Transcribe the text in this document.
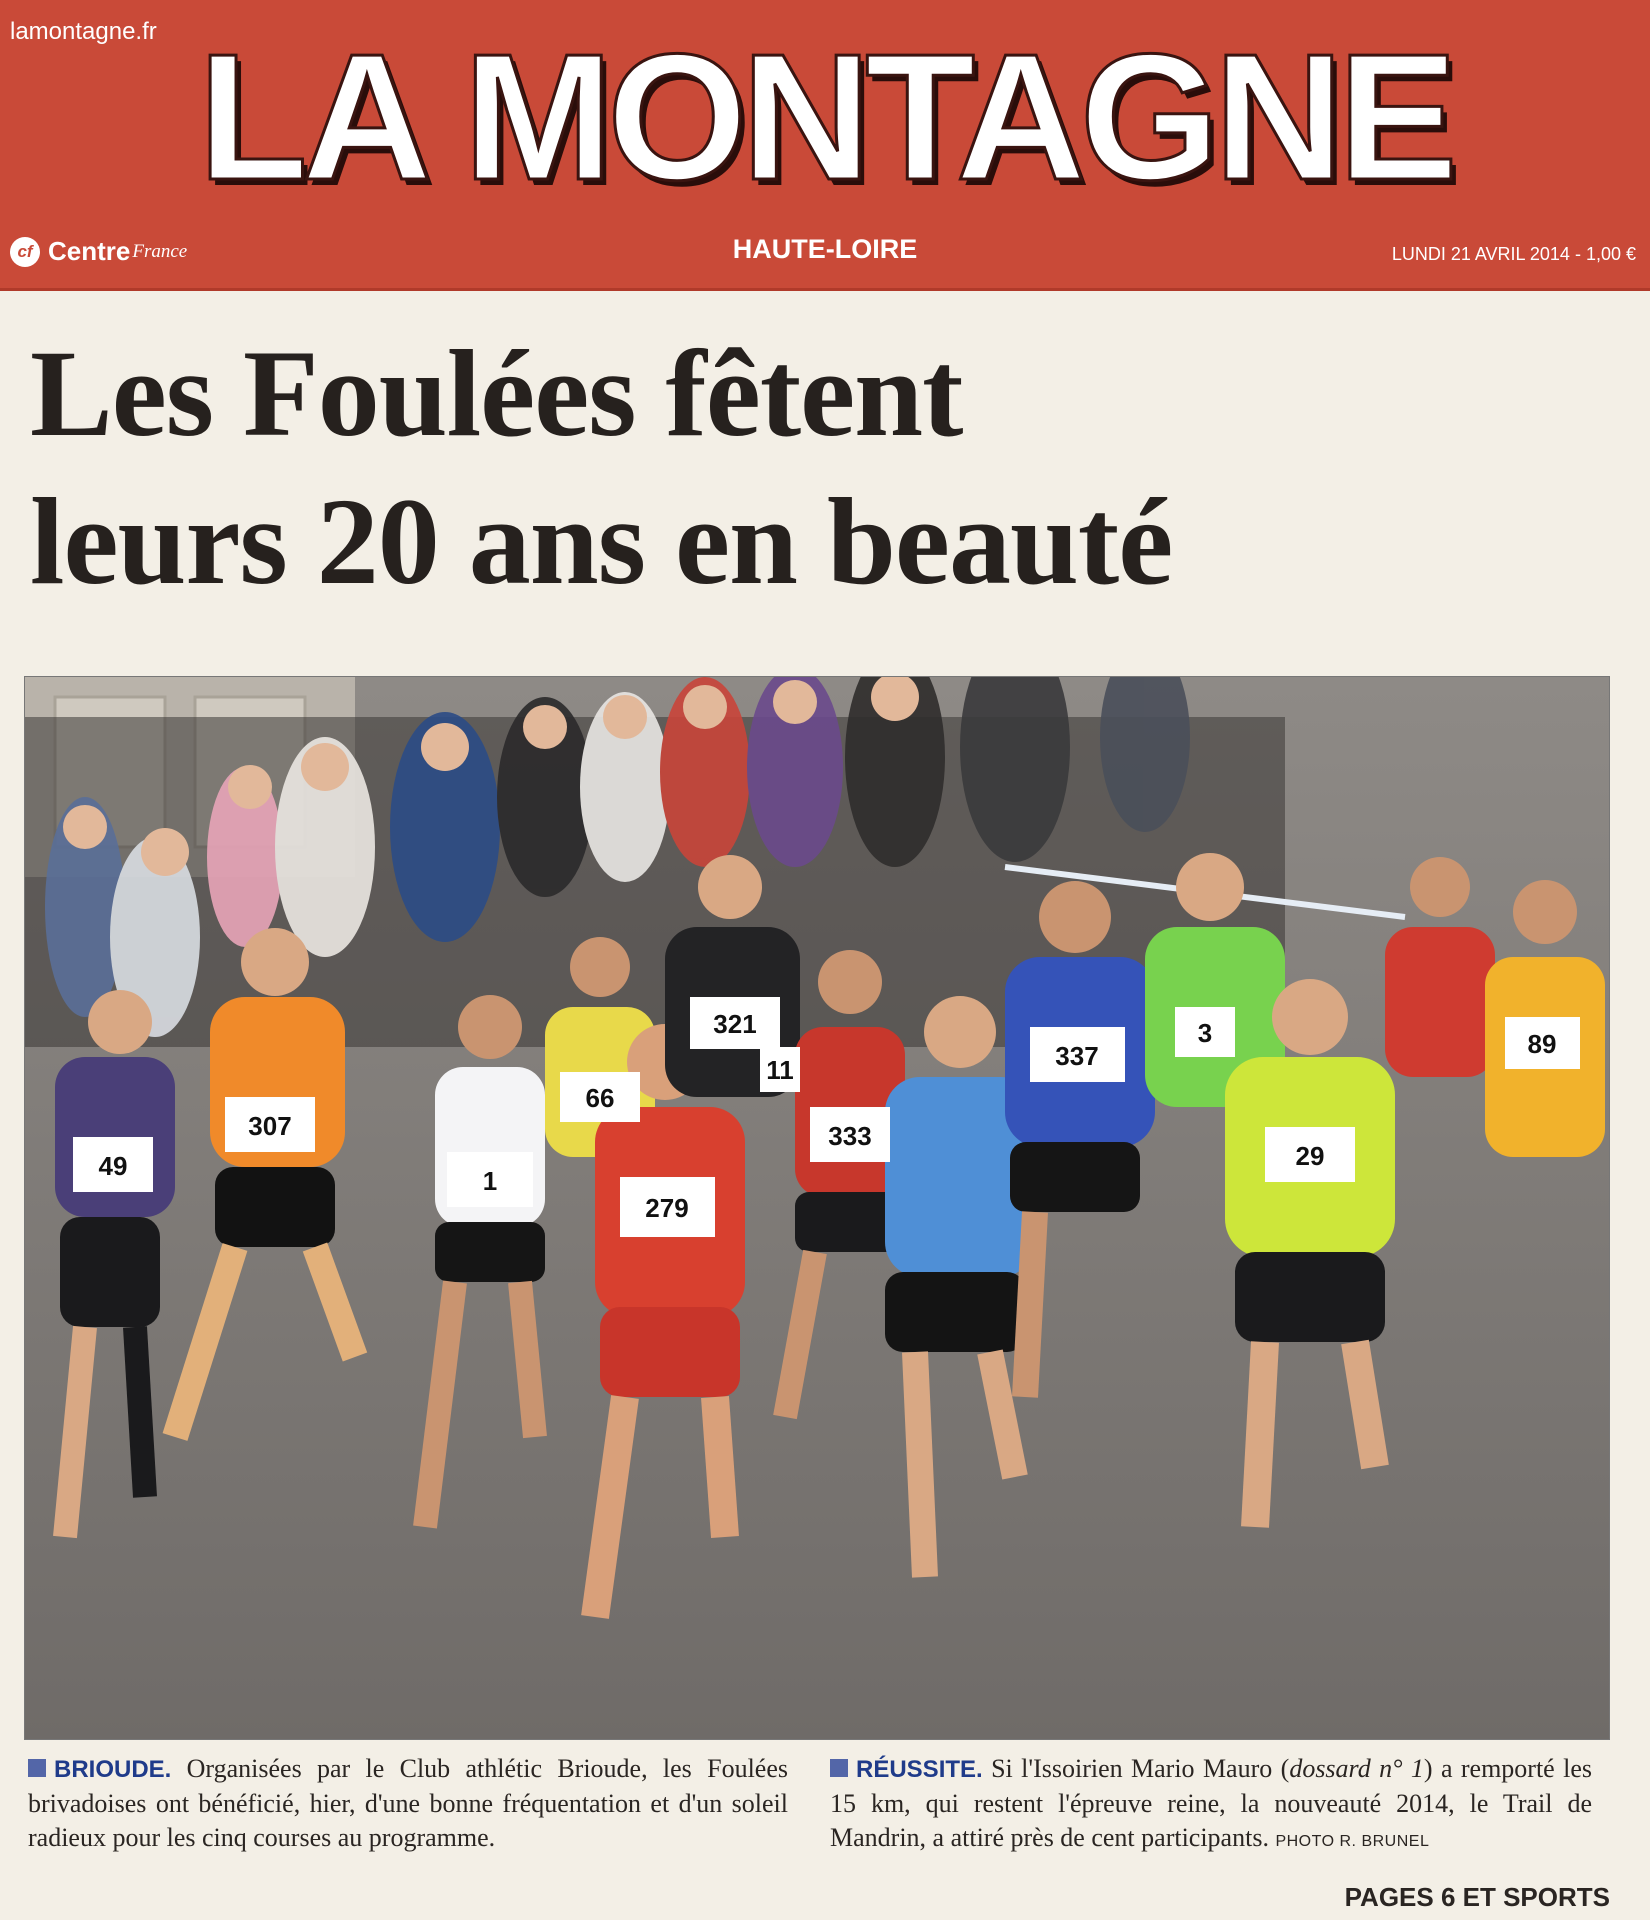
lamontagne.fr LA MONTAGNE
cf Centre France	HAUTE-LOIRE	LUNDI 21 AVRIL 2014 - 1,00 €
Les Foulées fêtent
leurs 20 ans en beauté
49
307
1
66
279
321
333
337
3
29
89
11
BRIOUDE. Organisées par le Club athlétic Brioude, les Foulées brivadoises ont bénéficié, hier, d'une bonne fréquentation et d'un soleil radieux pour les cinq courses au programme.
RÉUSSITE. Si l'Issoirien Mario Mauro (dossard n° 1) a remporté les 15 km, qui restent l'épreuve reine, la nouveauté 2014, le Trail de Mandrin, a attiré près de cent participants. PHOTO R. BRUNEL
PAGES 6 ET SPORTS
